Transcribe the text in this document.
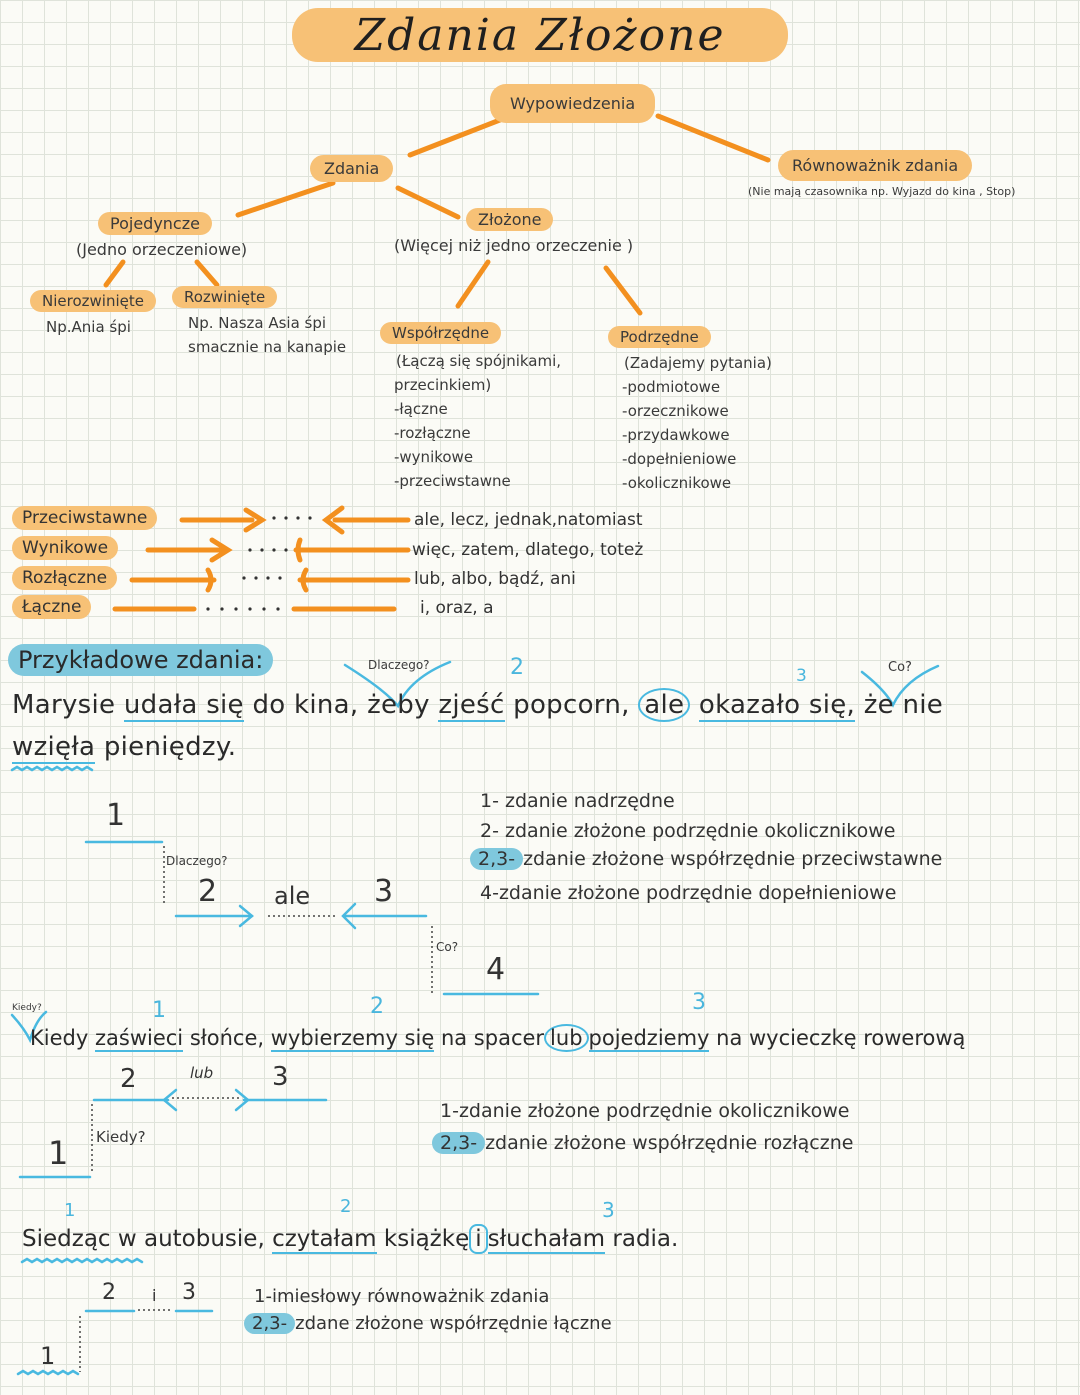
Zdania Złożone
Wypowiedzenia
Zdania	Równoważnik zdania
(Nie mają czasownika np. Wyjazd do kina , Stop)
Pojedyncze
(Jedno orzeczeniowe)
Złożone
(Więcej niż jedno orzeczenie )
Nierozwinięte
Np.Ania śpi
Rozwinięte
Np. Nasza Asia śpi
smacznie na kanapie
Współrzędne
(Łączą się spójnikami,
przecinkiem)
-łączne
-rozłączne
-wynikowe
-przeciwstawne
Podrzędne
(Zadajemy pytania)
-podmiotowe
-orzecznikowe
-przydawkowe
-dopełnieniowe
-okolicznikowe
Przeciwstawne	ale, lecz, jednak,natomiast
Wynikowe	więc, zatem, dlatego, toteż
Rozłączne	lub, albo, bądź, ani
Łączne	i, oraz, a
Przykładowe zdania:	Dlaczego?	2	3	Co?
Marysie udała się do kina, żeby zjeść popcorn, ale okazało się, że nie
wzięła pieniędzy.
1
Dlaczego?
2 ale 3
Co?
4
1- zdanie nadrzędne
2- zdanie złożone podrzędnie okolicznikowe
2,3- zdanie złożone współrzędnie przeciwstawne
4-zdanie złożone podrzędnie dopełnieniowe
Kiedy?	1	2	3
Kiedy zaświeci słońce, wybierzemy się na spacer lub pojedziemy na wycieczkę rowerową
2	lub 3
Kiedy?
1
1-zdanie złożone podrzędnie okolicznikowe
2,3- zdanie złożone współrzędnie rozłączne
1	2	3
Siedząc w autobusie, czytałam książkę i słuchałam radia.
2 i 3
1
1-imiesłowy równoważnik zdania
2,3- zdane złożone współrzędnie łączne
